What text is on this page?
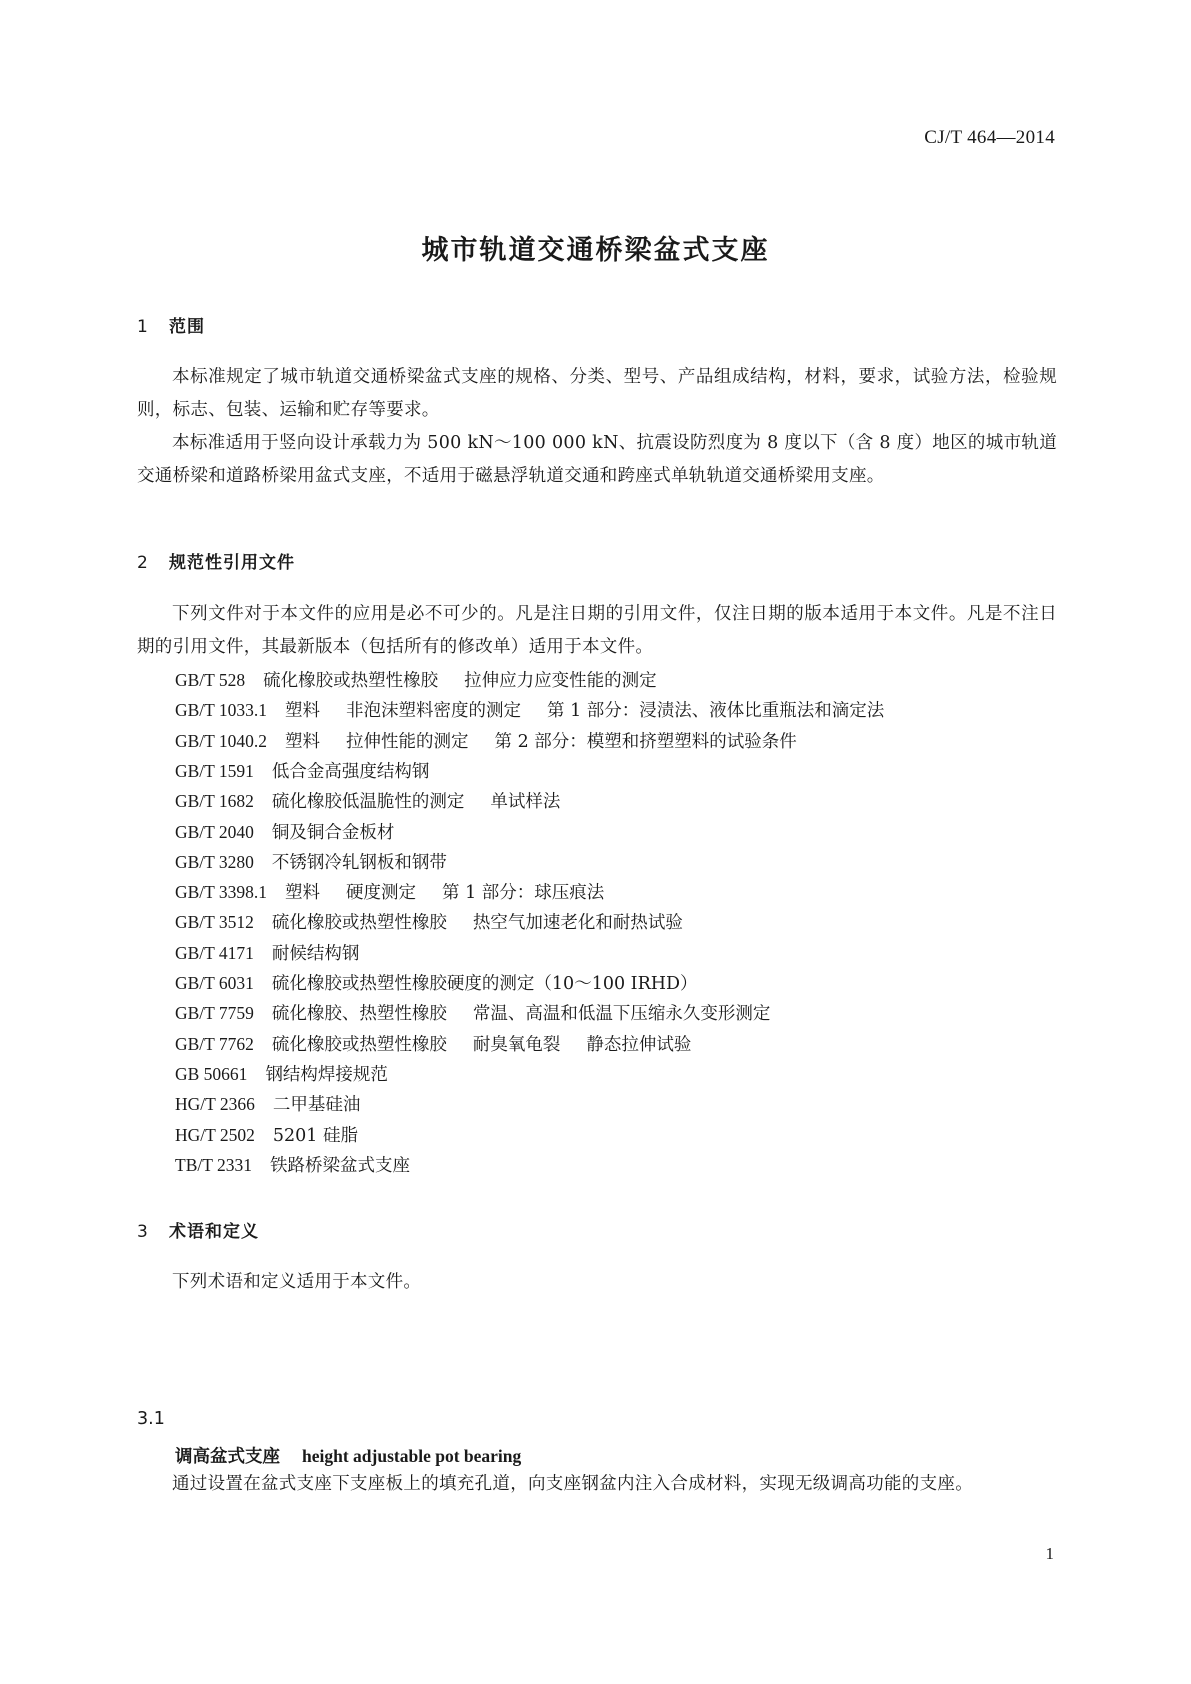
CJ/T 464—2014
城市轨道交通桥梁盆式支座
1 范围
本标准规定了城市轨道交通桥梁盆式支座的规格、分类、型号、产品组成结构，材料，要求，试验方法，检验规则，标志、包装、运输和贮存等要求。
本标准适用于竖向设计承载力为 500 kN～100 000 kN、抗震设防烈度为 8 度以下（含 8 度）地区的城市轨道交通桥梁和道路桥梁用盆式支座，不适用于磁悬浮轨道交通和跨座式单轨轨道交通桥梁用支座。
2 规范性引用文件
下列文件对于本文件的应用是必不可少的。凡是注日期的引用文件，仅注日期的版本适用于本文件。凡是不注日期的引用文件，其最新版本（包括所有的修改单）适用于本文件。
GB/T 528 硫化橡胶或热塑性橡胶 拉伸应力应变性能的测定
GB/T 1033.1 塑料 非泡沫塑料密度的测定 第 1 部分：浸渍法、液体比重瓶法和滴定法
GB/T 1040.2 塑料 拉伸性能的测定 第 2 部分：模塑和挤塑塑料的试验条件
GB/T 1591 低合金高强度结构钢
GB/T 1682 硫化橡胶低温脆性的测定 单试样法
GB/T 2040 铜及铜合金板材
GB/T 3280 不锈钢冷轧钢板和钢带
GB/T 3398.1 塑料 硬度测定 第 1 部分：球压痕法
GB/T 3512 硫化橡胶或热塑性橡胶 热空气加速老化和耐热试验
GB/T 4171 耐候结构钢
GB/T 6031 硫化橡胶或热塑性橡胶硬度的测定（10～100 IRHD）
GB/T 7759 硫化橡胶、热塑性橡胶 常温、高温和低温下压缩永久变形测定
GB/T 7762 硫化橡胶或热塑性橡胶 耐臭氧龟裂 静态拉伸试验
GB 50661 钢结构焊接规范
HG/T 2366 二甲基硅油
HG/T 2502 5201 硅脂
TB/T 2331 铁路桥梁盆式支座
3 术语和定义
下列术语和定义适用于本文件。
3.1
调高盆式支座 height adjustable pot bearing
通过设置在盆式支座下支座板上的填充孔道，向支座钢盆内注入合成材料，实现无级调高功能的支座。
1
